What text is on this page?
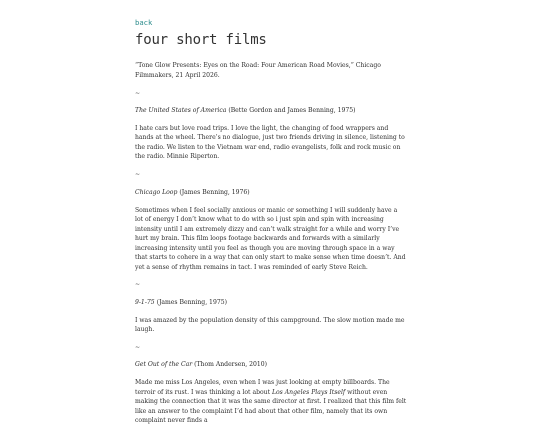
back
four short films

“Tone Glow Presents: Eyes on the Road: Four American Road Movies,” Chicago Filmmakers, 21 April 2026.

~
The United States of America (Bette Gordon and James Benning, 1975)

I hate cars but love road trips. I love the light, the changing of food wrappers and hands at the wheel. There’s no dialogue, just two friends driving in silence, listening to the radio. We listen to the Vietnam war end, radio evangelists, folk and rock music on the radio. Minnie Riperton.

~
Chicago Loop (James Benning, 1976)

Sometimes when I feel socially anxious or manic or something I will suddenly have a lot of energy I don’t know what to do with so i just spin and spin with increasing intensity until I am extremely dizzy and can’t walk straight for a while and worry I’ve hurt my brain. This film loops footage backwards and forwards with a similarly increasing intensity until you feel as though you are moving through space in a way that starts to cohere in a way that can only start to make sense when time doesn’t. And yet a sense of rhythm remains in tact. I was reminded of early Steve Reich.

~
9-1-75 (James Benning, 1975)

I was amazed by the population density of this campground. The slow motion made me laugh.

~
Get Out of the Car (Thom Andersen, 2010)

Made me miss Los Angeles, even when I was just looking at empty billboards. The terroir of its rust. I was thinking a lot about Los Angeles Plays Itself without even making the connection that it was the same director at first. I realized that this film felt like an answer to the complaint I’d had about that other film, namely that its own complaint never finds a
